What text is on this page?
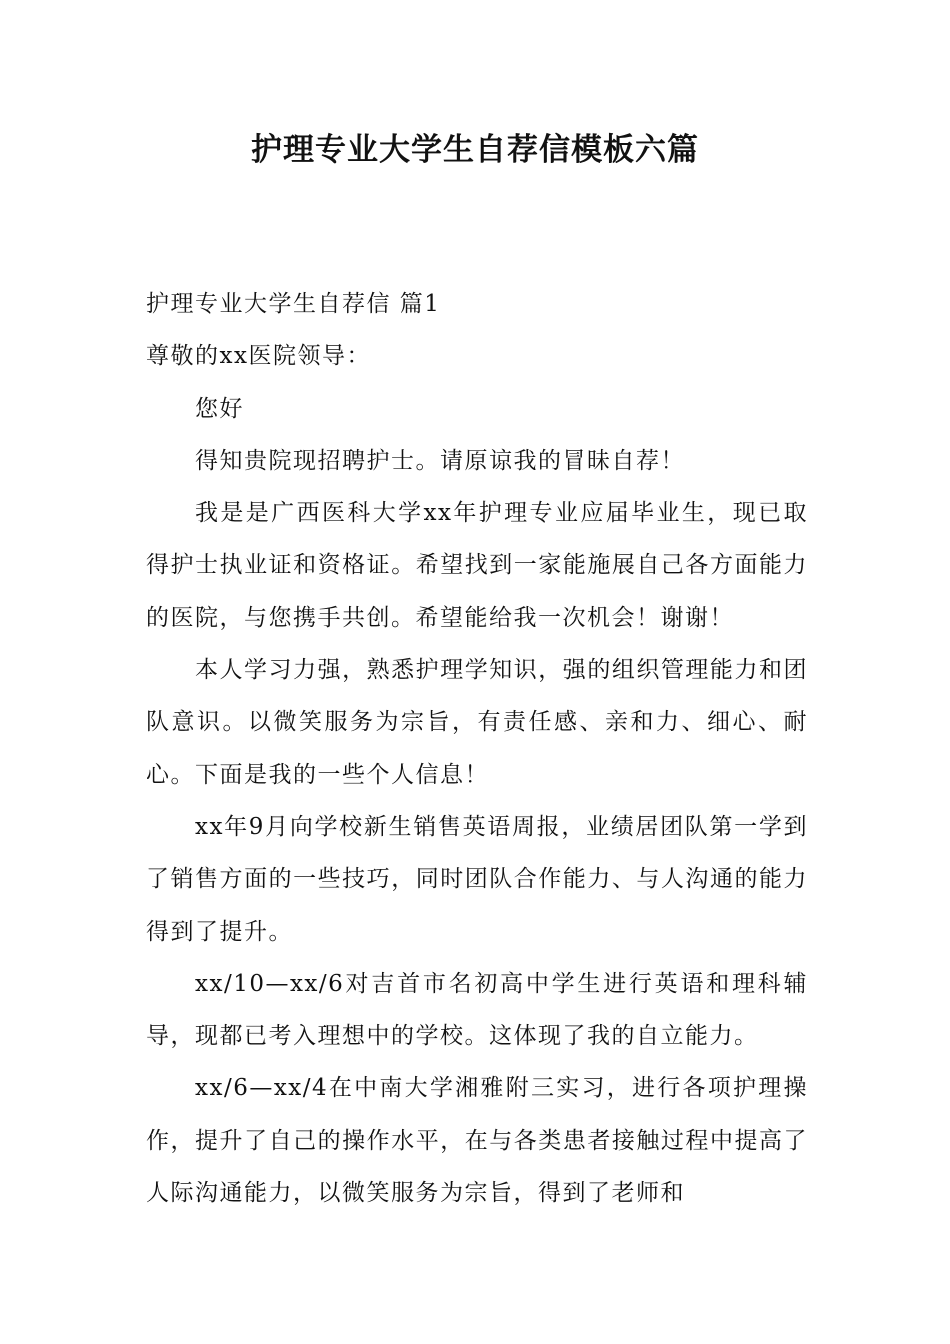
护理专业大学生自荐信模板六篇

护理专业大学生自荐信 篇1

尊敬的xx医院领导：

您好

得知贵院现招聘护士。请原谅我的冒昧自荐！

我是是广西医科大学xx年护理专业应届毕业生，现已取得护士执业证和资格证。希望找到一家能施展自己各方面能力的医院，与您携手共创。希望能给我一次机会！谢谢！

本人学习力强，熟悉护理学知识，强的组织管理能力和团队意识。以微笑服务为宗旨，有责任感、亲和力、细心、耐心。下面是我的一些个人信息！

xx年9月向学校新生销售英语周报，业绩居团队第一学到了销售方面的一些技巧，同时团队合作能力、与人沟通的能力得到了提升。

xx/10—xx/6对吉首市名初高中学生进行英语和理科辅导，现都已考入理想中的学校。这体现了我的自立能力。

xx/6—xx/4在中南大学湘雅附三实习，进行各项护理操作，提升了自己的操作水平，在与各类患者接触过程中提高了人际沟通能力，以微笑服务为宗旨，得到了老师和
